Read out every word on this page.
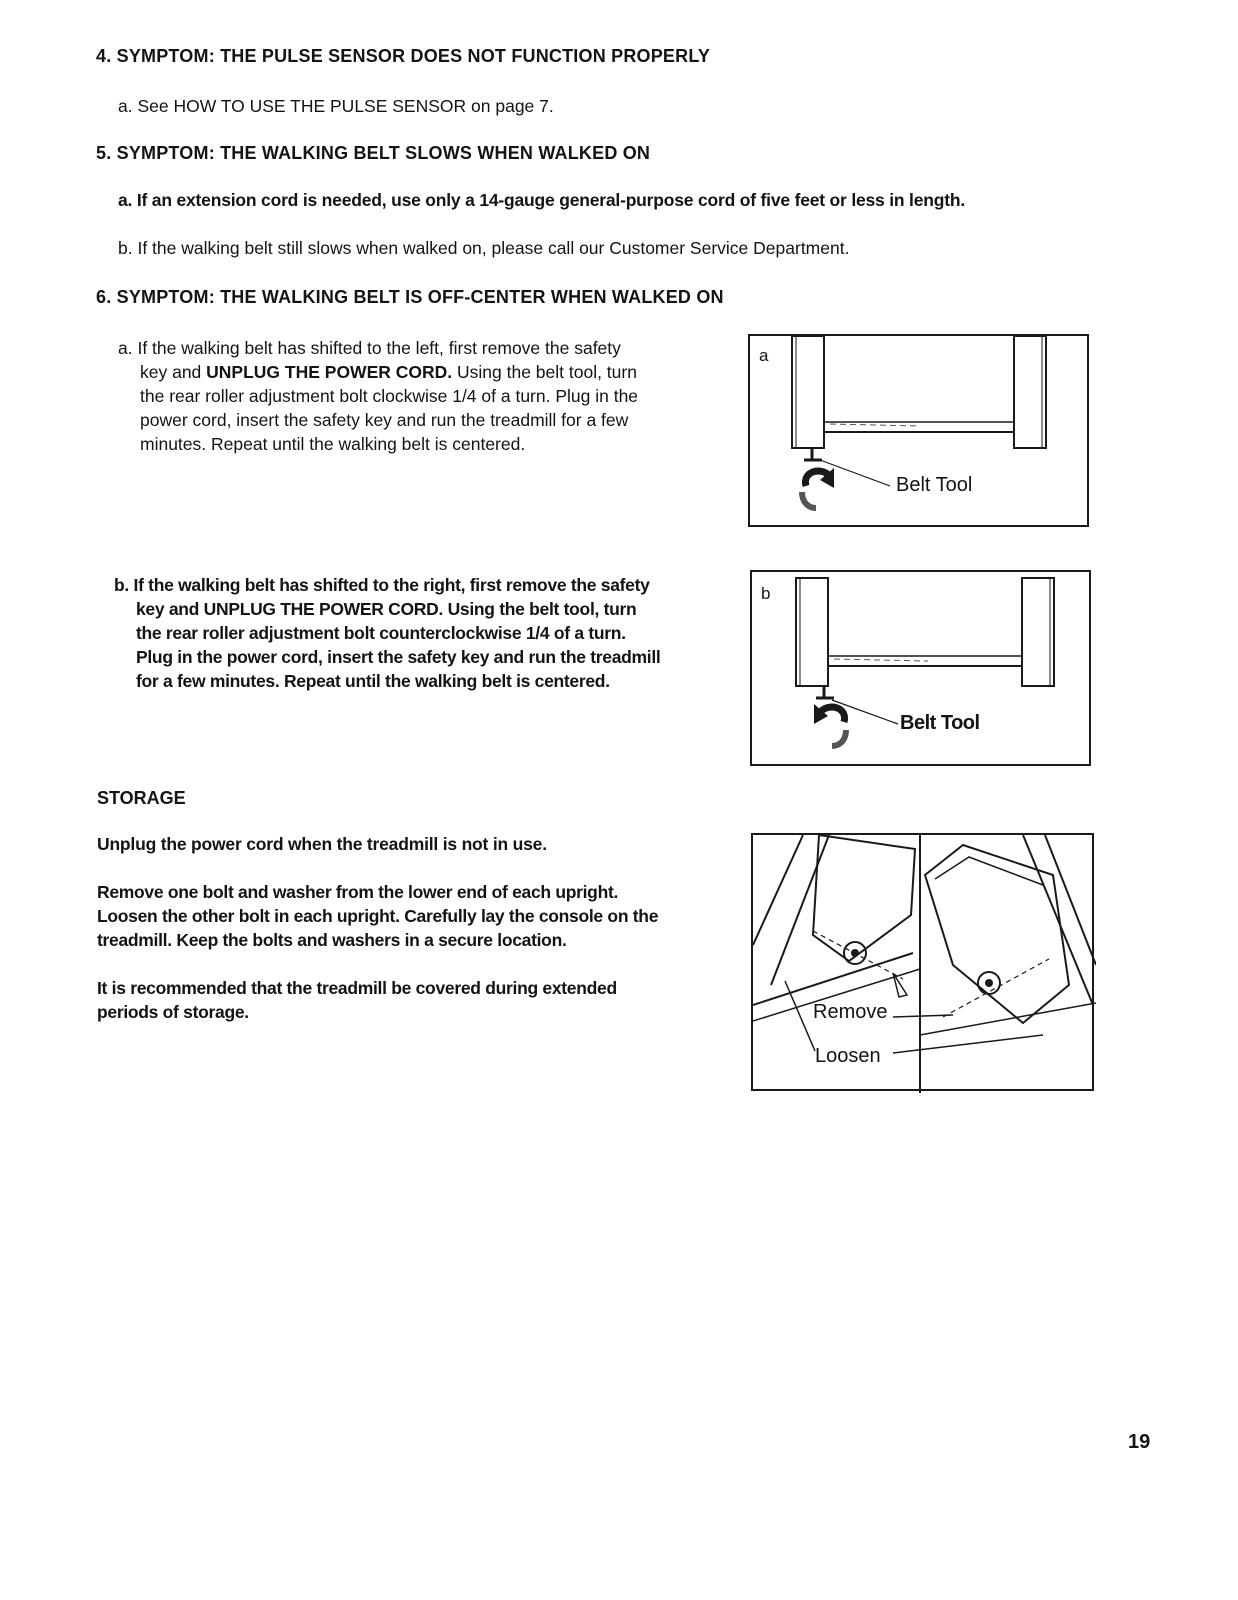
4. SYMPTOM: THE PULSE SENSOR DOES NOT FUNCTION PROPERLY

a. See HOW TO USE THE PULSE SENSOR on page 7.

5. SYMPTOM: THE WALKING BELT SLOWS WHEN WALKED ON

a. If an extension cord is needed, use only a 14-gauge general-purpose cord of five feet or less in length.

b. If the walking belt still slows when walked on, please call our Customer Service Department.

6. SYMPTOM: THE WALKING BELT IS OFF-CENTER WHEN WALKED ON

a. If the walking belt has shifted to the left, first remove the safety
key and UNPLUG THE POWER CORD. Using the belt tool, turn
the rear roller adjustment bolt clockwise 1/4 of a turn. Plug in the
power cord, insert the safety key and run the treadmill for a few
minutes. Repeat until the walking belt is centered.
b. If the walking belt has shifted to the right, first remove the safety
key and UNPLUG THE POWER CORD. Using the belt tool, turn
the rear roller adjustment bolt counterclockwise 1/4 of a turn.
Plug in the power cord, insert the safety key and run the treadmill
for a few minutes. Repeat until the walking belt is centered.
a
Belt Tool
b
Belt Tool

STORAGE

Unplug the power cord when the treadmill is not in use.

Remove one bolt and washer from the lower end of each upright.
Loosen the other bolt in each upright. Carefully lay the console on the
treadmill. Keep the bolts and washers in a secure location.
It is recommended that the treadmill be covered during extended
periods of storage.	Remove
Loosen
19
